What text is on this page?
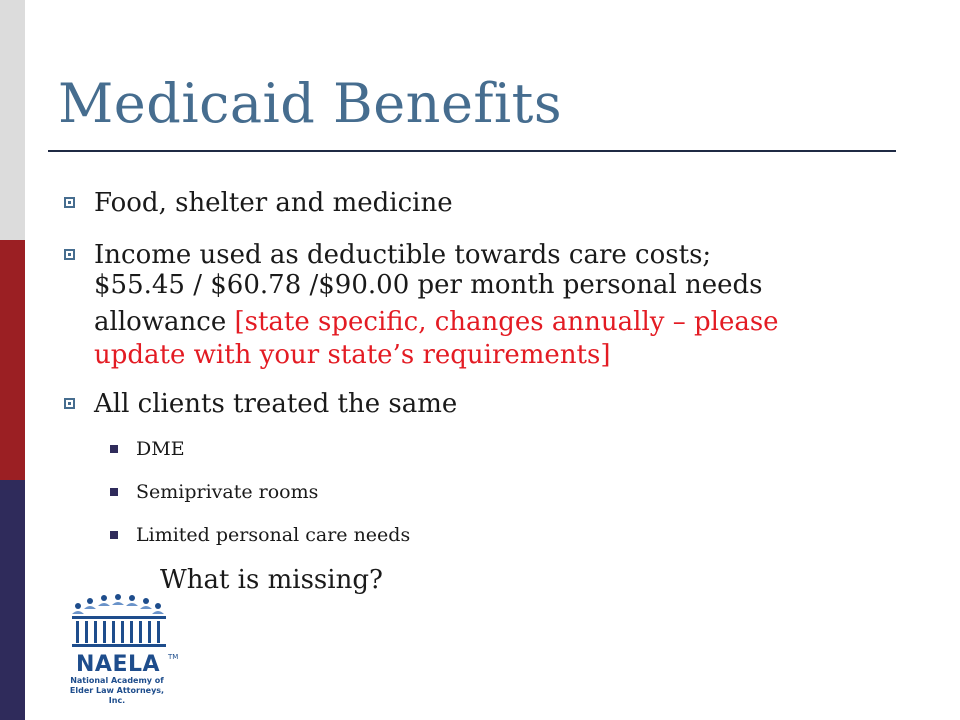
Medicaid Benefits
Food, shelter and medicine
Income used as deductible towards care costs;
$55.45 / $60.78 /$90.00 per month personal needs
allowance [state specific, changes annually – please
update with your state’s requirements]
All clients treated the same
DME
Semiprivate rooms
Limited personal care needs
What is missing?
NAELA TM
National Academy of
Elder Law Attorneys, Inc.
